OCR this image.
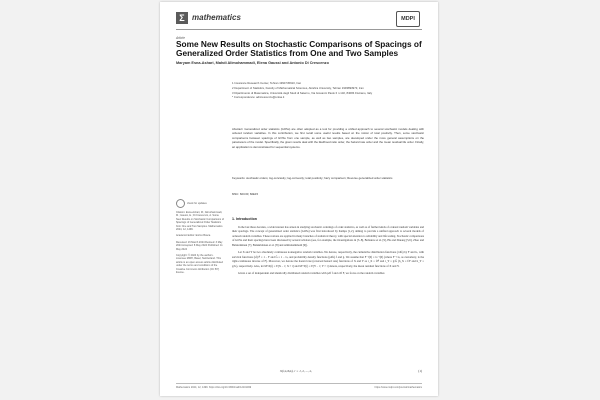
Σ mathematics	MDPI
Article
Some New Results on Stochastic Comparisons of Spacings of Generalized Order Statistics from One and Two Samples
Maryam Esna-Ashari, Mahdi Alimohammadi, Elena Gaussi and Antonio Di Crescenzo
1 Insurance Research Center, Tehran 1994745910, Iran
2 Department of Statistics, Faculty of Mathematical Sciences, Alzahra University, Tehran 1993893973, Iran
3 Dipartimento di Matematica, Università degli Studi di Salerno, Via Giovanni Paolo II n.132, 84084 Fisciano, Italy
* Correspondence: adicrescenzo@unisa.it
Abstract: Generalized order statistics (GOSs) are often adopted as a tool for providing a unified approach to several stochastic models dealing with ordered random variables. In this contribution, we first recall some useful results based on the notion of total positivity. Then, some stochastic comparisons between spacings of GOSs from one sample, as well as two samples, are developed under the more general assumptions on the parameters of the model. Specifically, the given results deal with the likelihood ratio order, the hazard rate order and the mean residual life order. Finally, an application is demonstrated for sequential systems.
Keywords: stochastic orders; log-concavity; log-convexity; total positivity; hazy comparison; Reverse generalized order statistics
MSC: 60C30; 60E15

check for updates

Citation: Esna-Ashari, M.; Alimohammadi, M.; Gaussi, E.; Di Crescenzo, A. Some New Results on Stochastic Comparisons of Spacings of Generalized Order Statistics from One and Two Samples. Mathematics 2024, 12, 1499.

Academic Editor: Enrico Bosca

Received: 16 March 2024 Revised: 3 May 2024 Accepted: 8 May 2024 Published: 11 May 2024

Copyright: © 2024 by the authors. Licensee MDPI, Basel, Switzerland. This article is an open access article distributed under the terms and conditions of the Creative Commons Attribution (CC BY) license.

1. Introduction

In the last three decades, a wide interest has arisen in studying stochastic orderings of order statistics, as well as of further kinds of ordered random variables and their spacings. The concept of generalized order statistics (GOSs) was first introduced by Kamps [1,2], aiming to provide a unified approach to several models of ordered random variables. These notions are applied in many branches of statistical theory, with special attention to reliability and life testing. Stochastic comparisons of GOSs and their spacings have been discussed by several scholars (see, for example, the investigations in [3–8], Belzunce et al. [9], Hu and Zhuang [5,6], Zhao and Balakrishnan [7], Balakrishnan et al. [8] and Alimohammadi [9]).

Let X and Y be two absolutely continuous nonnegative random variables. We denote, respectively, the cumulative distribution functions (cdfs) by F and G, with survival functions (sf) F̄ = 1 − F and Ḡ = 1 − G, and probability density functions (pdfs) f and g. We assume that F⁻¹(0) = G⁻¹(0) (where F⁻¹ is, as customary, is the right-continuous inverse of F). Moreover, we denote the hazard rate (reversed hazard rate) functions of X and Y as r_X = f/F̄ and r_Y = g/Ḡ (h_X = f/F and h_Y = g/G), respectively. Also, let M^X(t) = E[X − t | X > t] and M^Y(t) = E[Y − t | Y > t] denote, respectively, the mean residual functions of X and Y.

Given a set of independent and identically distributed random variables with pdf f and cdf F, we focus on the random variables

X(r,n,m̃,k), r = 1, 2, ..., n,	(1)
Mathematics 2024, 12, 1499. https://doi.org/10.3390/math12101499	https://www.mdpi.com/journal/mathematics
